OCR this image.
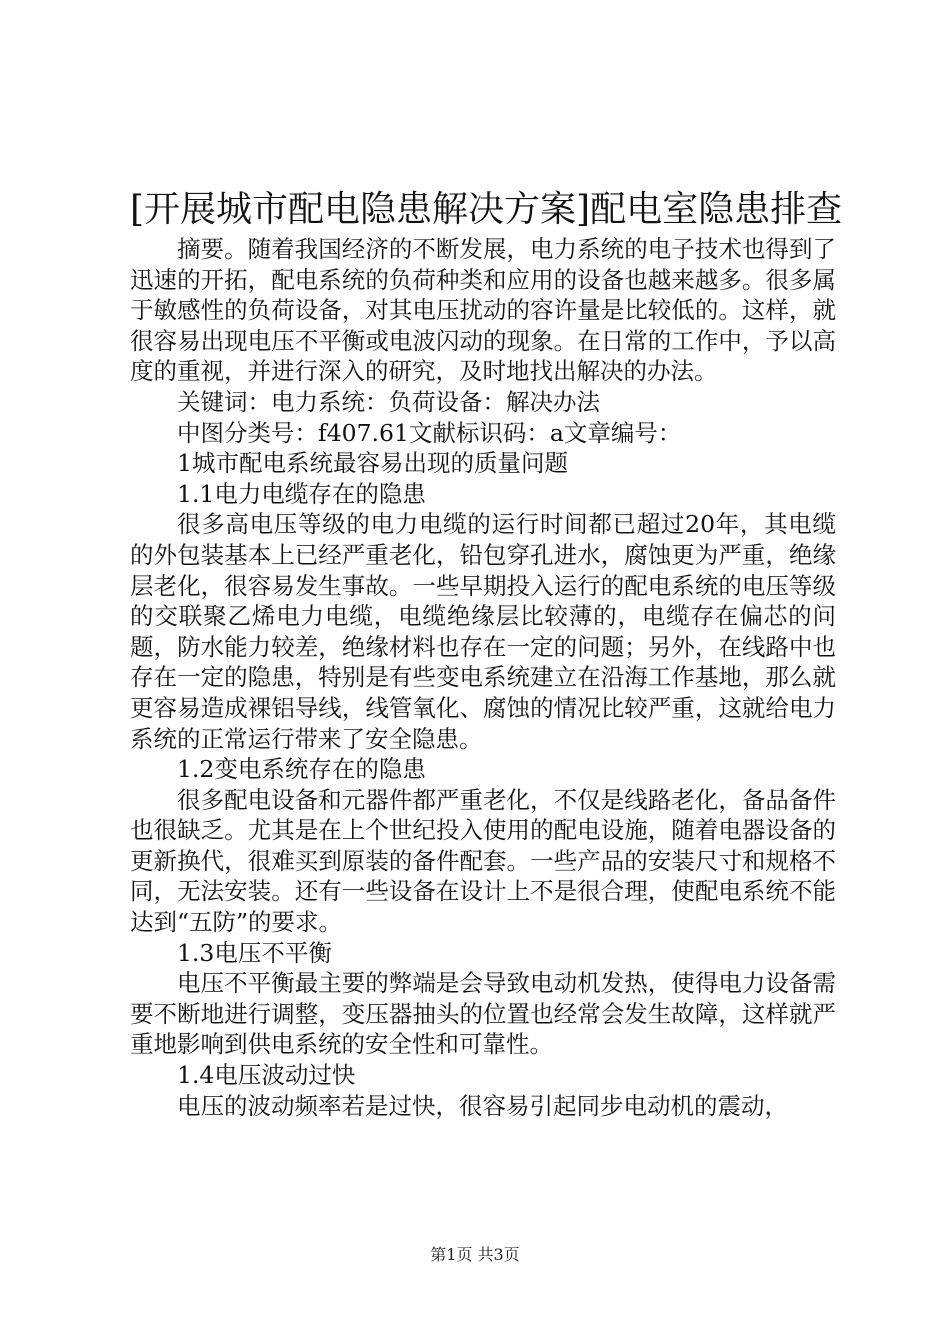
[开展城市配电隐患解决方案]配电室隐患排查

摘要。随着我国经济的不断发展，电力系统的电子技术也得到了迅速的开拓，配电系统的负荷种类和应用的设备也越来越多。很多属于敏感性的负荷设备，对其电压扰动的容许量是比较低的。这样，就很容易出现电压不平衡或电波闪动的现象。在日常的工作中，予以高度的重视，并进行深入的研究，及时地找出解决的办法。

关键词：电力系统：负荷设备：解决办法

中图分类号：f407.61文献标识码：a文章编号：

1城市配电系统最容易出现的质量问题

1.1电力电缆存在的隐患

很多高电压等级的电力电缆的运行时间都已超过20年，其电缆的外包装基本上已经严重老化，铅包穿孔进水，腐蚀更为严重，绝缘层老化，很容易发生事故。一些早期投入运行的配电系统的电压等级的交联聚乙烯电力电缆，电缆绝缘层比较薄的，电缆存在偏芯的问题，防水能力较差，绝缘材料也存在一定的问题；另外，在线路中也存在一定的隐患，特别是有些变电系统建立在沿海工作基地，那么就更容易造成裸铝导线，线管氧化、腐蚀的情况比较严重，这就给电力系统的正常运行带来了安全隐患。

1.2变电系统存在的隐患

很多配电设备和元器件都严重老化，不仅是线路老化，备品备件也很缺乏。尤其是在上个世纪投入使用的配电设施，随着电器设备的更新换代，很难买到原装的备件配套。一些产品的安装尺寸和规格不同，无法安装。还有一些设备在设计上不是很合理，使配电系统不能达到“五防”的要求。

1.3电压不平衡

电压不平衡最主要的弊端是会导致电动机发热，使得电力设备需要不断地进行调整，变压器抽头的位置也经常会发生故障，这样就严重地影响到供电系统的安全性和可靠性。

1.4电压波动过快

电压的波动频率若是过快，很容易引起同步电动机的震动，

第1页 共3页
